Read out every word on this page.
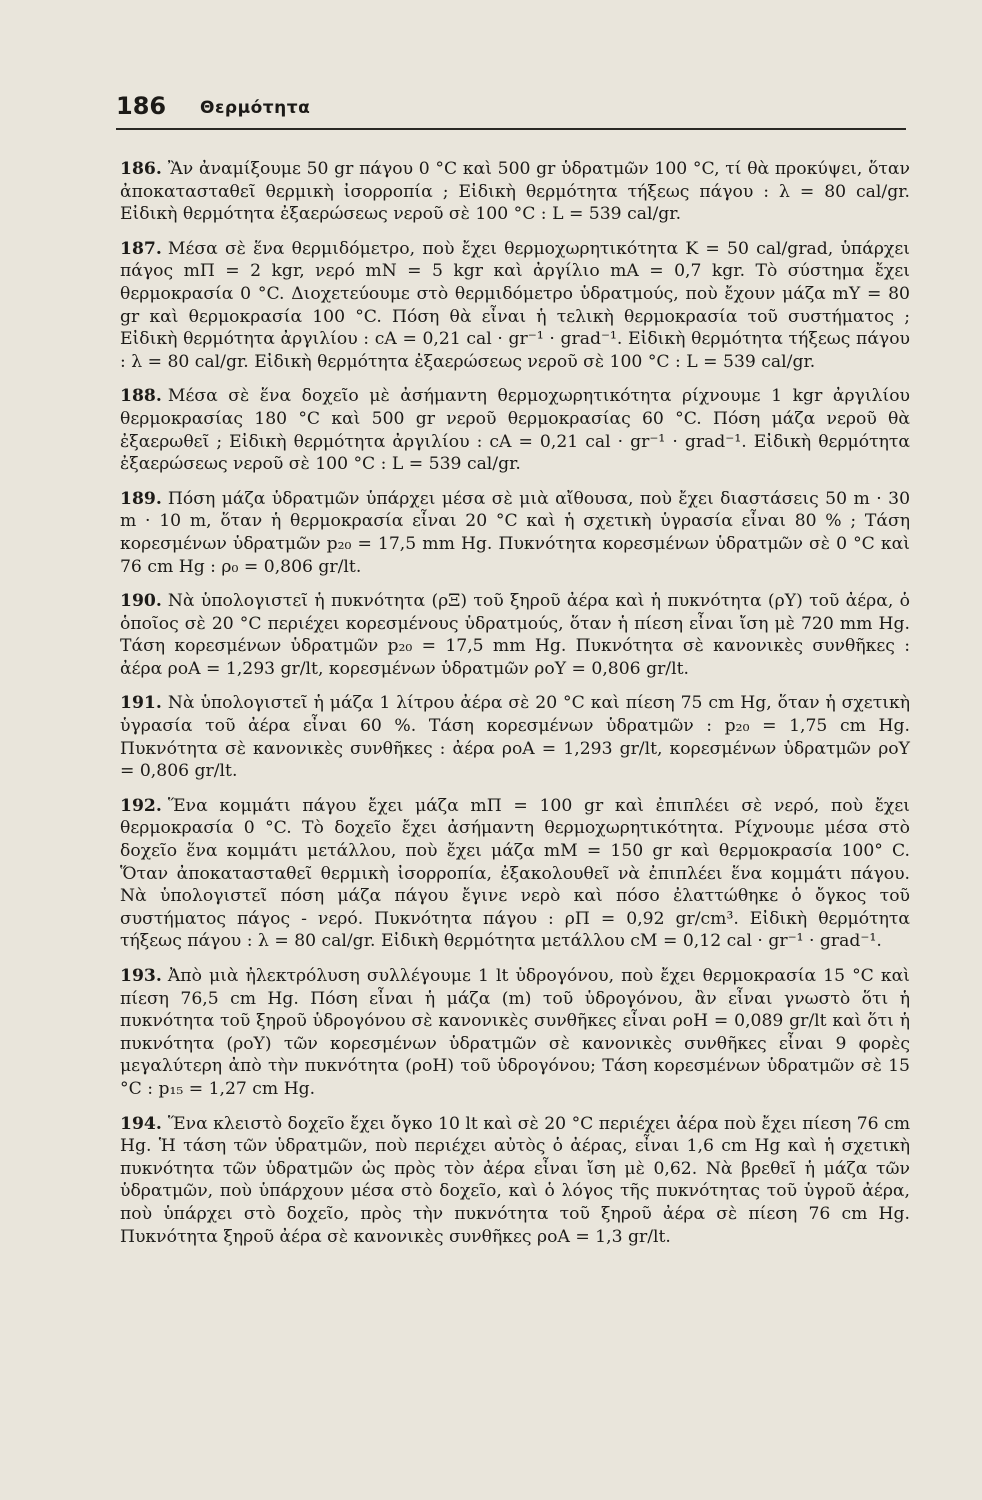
186 Θερμότητα

186. Ἂν ἀναμίξουμε 50 gr πάγου 0 °C καὶ 500 gr ὑδρατμῶν 100 °C, τί θὰ προκύψει, ὅταν ἀποκατασταθεῖ θερμικὴ ἰσορροπία ; Εἰδικὴ θερμότητα τήξεως πάγου : λ = 80 cal/gr. Εἰδικὴ θερμότητα ἐξαερώσεως νεροῦ σὲ 100 °C : L = 539 cal/gr.

187. Μέσα σὲ ἕνα θερμιδόμετρο, ποὺ ἔχει θερμοχωρητικότητα K = 50 cal/grad, ὑπάρχει πάγος mΠ = 2 kgr, νερό mN = 5 kgr καὶ ἀργίλιο mA = 0,7 kgr. Τὸ σύστημα ἔχει θερμοκρασία 0 °C. Διοχετεύουμε στὸ θερμιδόμετρο ὑδρατμούς, ποὺ ἔχουν μάζα mY = 80 gr καὶ θερμοκρασία 100 °C. Πόση θὰ εἶναι ἡ τελικὴ θερμοκρασία τοῦ συστήματος ; Εἰδικὴ θερμότητα ἀργιλίου : cA = 0,21 cal · gr⁻¹ · grad⁻¹. Εἰδικὴ θερμότητα τήξεως πάγου : λ = 80 cal/gr. Εἰδικὴ θερμότητα ἐξαερώσεως νεροῦ σὲ 100 °C : L = 539 cal/gr.

188. Μέσα σὲ ἕνα δοχεῖο μὲ ἀσήμαντη θερμοχωρητικότητα ρίχνουμε 1 kgr ἀργιλίου θερμοκρασίας 180 °C καὶ 500 gr νεροῦ θερμοκρασίας 60 °C. Πόση μάζα νεροῦ θὰ ἐξαερωθεῖ ; Εἰδικὴ θερμότητα ἀργιλίου : cA = 0,21 cal · gr⁻¹ · grad⁻¹. Εἰδικὴ θερμότητα ἐξαερώσεως νεροῦ σὲ 100 °C : L = 539 cal/gr.

189. Πόση μάζα ὑδρατμῶν ὑπάρχει μέσα σὲ μιὰ αἴθουσα, ποὺ ἔχει διαστάσεις 50 m · 30 m · 10 m, ὅταν ἡ θερμοκρασία εἶναι 20 °C καὶ ἡ σχετικὴ ὑγρασία εἶναι 80 % ; Τάση κορεσμένων ὑδρατμῶν p₂₀ = 17,5 mm Hg. Πυκνότητα κορεσμένων ὑδρατμῶν σὲ 0 °C καὶ 76 cm Hg : ρ₀ = 0,806 gr/lt.

190. Νὰ ὑπολογιστεῖ ἡ πυκνότητα (ρΞ) τοῦ ξηροῦ ἀέρα καὶ ἡ πυκνότητα (ρY) τοῦ ἀέρα, ὁ ὁποῖος σὲ 20 °C περιέχει κορεσμένους ὑδρατμούς, ὅταν ἡ πίεση εἶναι ἴση μὲ 720 mm Hg. Τάση κορεσμένων ὑδρατμῶν p₂₀ = 17,5 mm Hg. Πυκνότητα σὲ κανονικὲς συνθῆκες : ἀέρα ρoA = 1,293 gr/lt, κορεσμένων ὑδρατμῶν ρoY = 0,806 gr/lt.

191. Νὰ ὑπολογιστεῖ ἡ μάζα 1 λίτρου ἀέρα σὲ 20 °C καὶ πίεση 75 cm Hg, ὅταν ἡ σχετικὴ ὑγρασία τοῦ ἀέρα εἶναι 60 %. Τάση κορεσμένων ὑδρατμῶν : p₂₀ = 1,75 cm Hg. Πυκνότητα σὲ κανονικὲς συνθῆκες : ἀέρα ρoA = 1,293 gr/lt, κορεσμένων ὑδρατμῶν ρoY = 0,806 gr/lt.

192. Ἕνα κομμάτι πάγου ἔχει μάζα mΠ = 100 gr καὶ ἐπιπλέει σὲ νερό, ποὺ ἔχει θερμοκρασία 0 °C. Τὸ δοχεῖο ἔχει ἀσήμαντη θερμοχωρητικότητα. Ρίχνουμε μέσα στὸ δοχεῖο ἕνα κομμάτι μετάλλου, ποὺ ἔχει μάζα mM = 150 gr καὶ θερμοκρασία 100° C. Ὅταν ἀποκατασταθεῖ θερμικὴ ἰσορροπία, ἐξακολουθεῖ νὰ ἐπιπλέει ἕνα κομμάτι πάγου. Νὰ ὑπολογιστεῖ πόση μάζα πάγου ἔγινε νερὸ καὶ πόσο ἐλαττώθηκε ὁ ὄγκος τοῦ συστήματος πάγος - νερό. Πυκνότητα πάγου : ρΠ = 0,92 gr/cm³. Εἰδικὴ θερμότητα τήξεως πάγου : λ = 80 cal/gr. Εἰδικὴ θερμότητα μετάλλου cM = 0,12 cal · gr⁻¹ · grad⁻¹.

193. Ἀπὸ μιὰ ἠλεκτρόλυση συλλέγουμε 1 lt ὑδρογόνου, ποὺ ἔχει θερμοκρασία 15 °C καὶ πίεση 76,5 cm Hg. Πόση εἶναι ἡ μάζα (m) τοῦ ὑδρογόνου, ἂν εἶναι γνωστὸ ὅτι ἡ πυκνότητα τοῦ ξηροῦ ὑδρογόνου σὲ κανονικὲς συνθῆκες εἶναι ρoH = 0,089 gr/lt καὶ ὅτι ἡ πυκνότητα (ρoY) τῶν κορεσμένων ὑδρατμῶν σὲ κανονικὲς συνθῆκες εἶναι 9 φορὲς μεγαλύτερη ἀπὸ τὴν πυκνότητα (ρoH) τοῦ ὑδρογόνου; Τάση κορεσμένων ὑδρατμῶν σὲ 15 °C : p₁₅ = 1,27 cm Hg.

194. Ἕνα κλειστὸ δοχεῖο ἔχει ὄγκο 10 lt καὶ σὲ 20 °C περιέχει ἀέρα ποὺ ἔχει πίεση 76 cm Hg. Ἡ τάση τῶν ὑδρατμῶν, ποὺ περιέχει αὐτὸς ὁ ἀέρας, εἶναι 1,6 cm Hg καὶ ἡ σχετικὴ πυκνότητα τῶν ὑδρατμῶν ὡς πρὸς τὸν ἀέρα εἶναι ἴση μὲ 0,62. Νὰ βρεθεῖ ἡ μάζα τῶν ὑδρατμῶν, ποὺ ὑπάρχουν μέσα στὸ δοχεῖο, καὶ ὁ λόγος τῆς πυκνότητας τοῦ ὑγροῦ ἀέρα, ποὺ ὑπάρχει στὸ δοχεῖο, πρὸς τὴν πυκνότητα τοῦ ξηροῦ ἀέρα σὲ πίεση 76 cm Hg. Πυκνότητα ξηροῦ ἀέρα σὲ κανονικὲς συνθῆκες ρoA = 1,3 gr/lt.
